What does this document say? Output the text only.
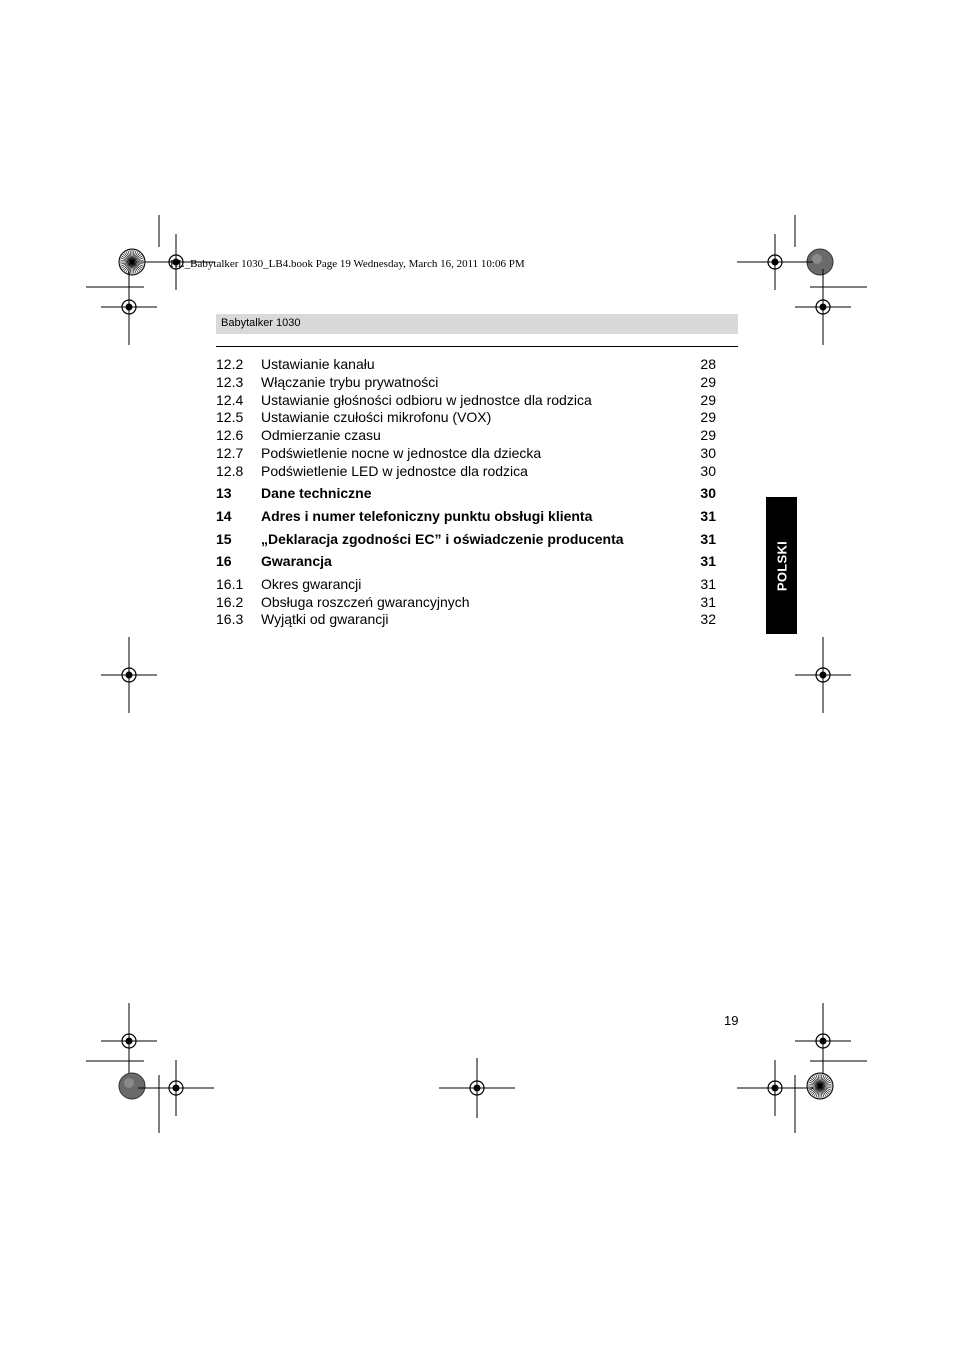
HL_Babytalker 1030_LB4.book Page 19 Wednesday, March 16, 2011 10:06 PM
Babytalker 1030
12.2 Ustawianie kanału	28
12.3 Włączanie trybu prywatności	29
12.4 Ustawianie głośności odbioru w jednostce dla rodzica	29
12.5 Ustawianie czułości mikrofonu (VOX)	29
12.6 Odmierzanie czasu	29
12.7 Podświetlenie nocne w jednostce dla dziecka	30
12.8 Podświetlenie LED w jednostce dla rodzica	30
13 Dane techniczne	30
14 Adres i numer telefoniczny punktu obsługi klienta	31
15 „Deklaracja zgodności EC” i oświadczenie producenta	31
16 Gwarancja	31
16.1 Okres gwarancji	31
16.2 Obsługa roszczeń gwarancyjnych	31
16.3 Wyjątki od gwarancji	32
POLSKI
19
